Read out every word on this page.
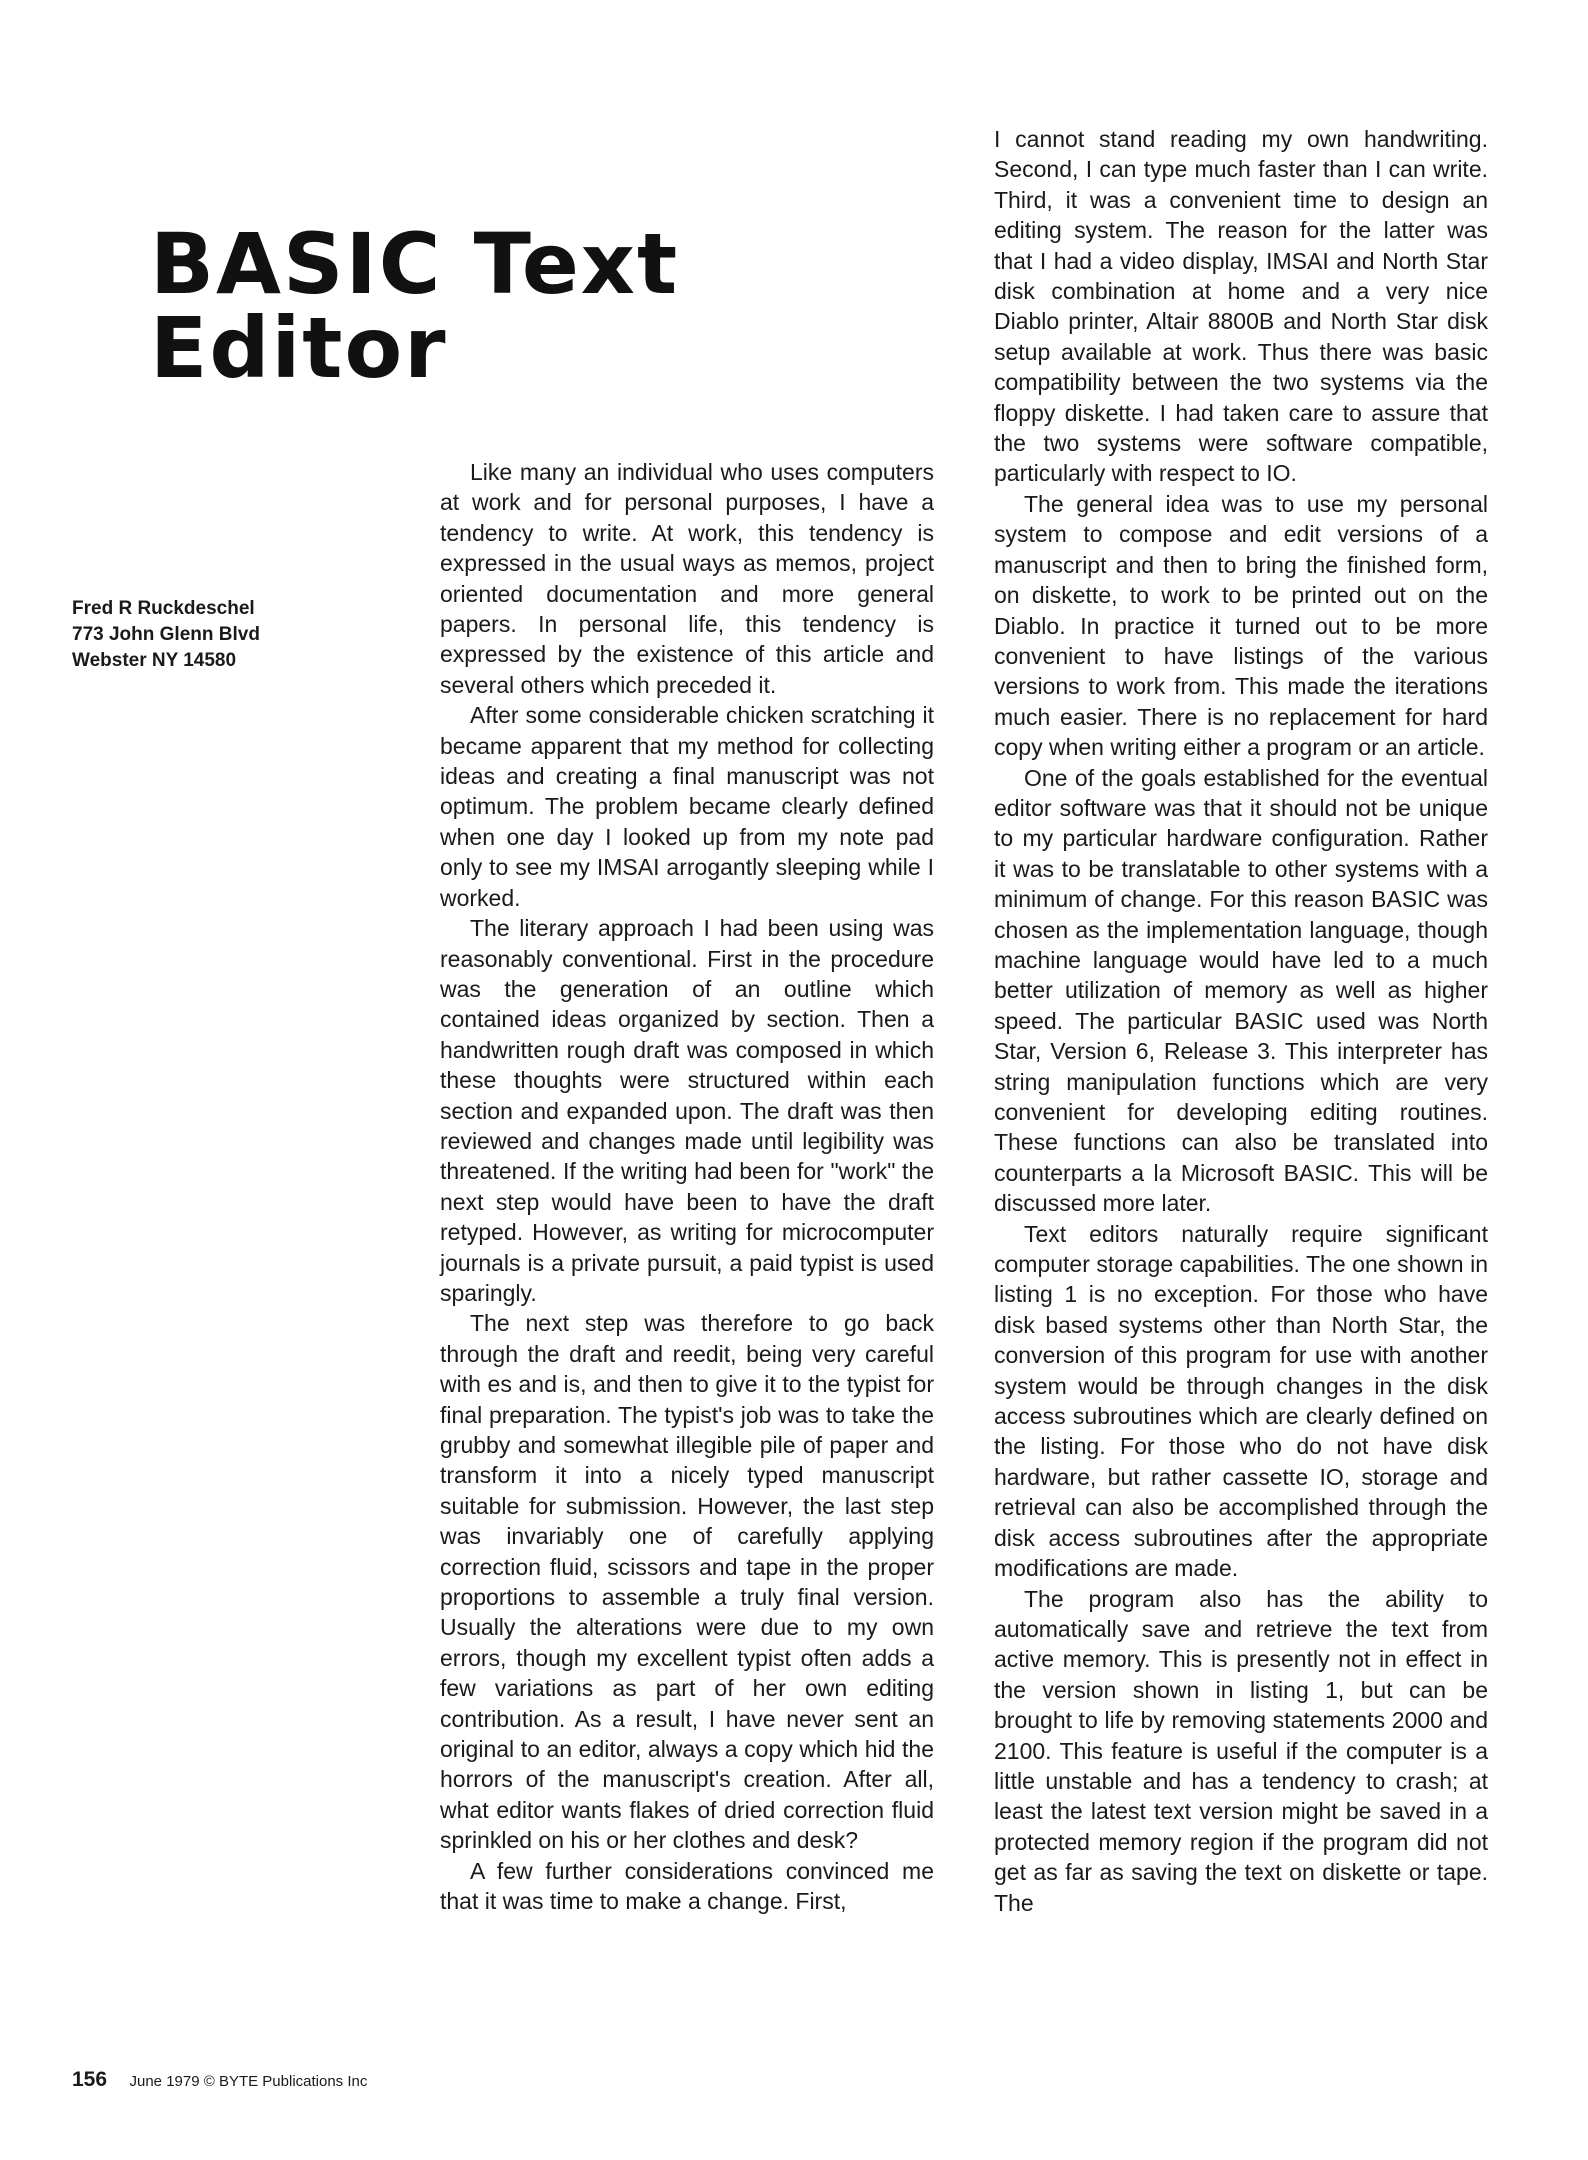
BASIC Text Editor
Fred R Ruckdeschel
773 John Glenn Blvd
Webster NY 14580

Like many an individual who uses computers at work and for personal purposes, I have a tendency to write. At work, this tendency is expressed in the usual ways as memos, project oriented documentation and more general papers. In personal life, this tendency is expressed by the existence of this article and several others which preceded it.

After some considerable chicken scratching it became apparent that my method for collecting ideas and creating a final manuscript was not optimum. The problem became clearly defined when one day I looked up from my note pad only to see my IMSAI arrogantly sleeping while I worked.

The literary approach I had been using was reasonably conventional. First in the procedure was the generation of an outline which contained ideas organized by section. Then a handwritten rough draft was composed in which these thoughts were structured within each section and expanded upon. The draft was then reviewed and changes made until legibility was threatened. If the writing had been for "work" the next step would have been to have the draft retyped. However, as writing for microcomputer journals is a private pursuit, a paid typist is used sparingly.

The next step was therefore to go back through the draft and reedit, being very careful with es and is, and then to give it to the typist for final preparation. The typist's job was to take the grubby and somewhat illegible pile of paper and transform it into a nicely typed manuscript suitable for submission. However, the last step was invariably one of carefully applying correction fluid, scissors and tape in the proper proportions to assemble a truly final version. Usually the alterations were due to my own errors, though my excellent typist often adds a few variations as part of her own editing contribution. As a result, I have never sent an original to an editor, always a copy which hid the horrors of the manuscript's creation. After all, what editor wants flakes of dried correction fluid sprinkled on his or her clothes and desk?

A few further considerations convinced me that it was time to make a change. First,

I cannot stand reading my own handwriting. Second, I can type much faster than I can write. Third, it was a convenient time to design an editing system. The reason for the latter was that I had a video display, IMSAI and North Star disk combination at home and a very nice Diablo printer, Altair 8800B and North Star disk setup available at work. Thus there was basic compatibility between the two systems via the floppy diskette. I had taken care to assure that the two systems were software compatible, particularly with respect to IO.

The general idea was to use my personal system to compose and edit versions of a manuscript and then to bring the finished form, on diskette, to work to be printed out on the Diablo. In practice it turned out to be more convenient to have listings of the various versions to work from. This made the iterations much easier. There is no replacement for hard copy when writing either a program or an article.

One of the goals established for the eventual editor software was that it should not be unique to my particular hardware configuration. Rather it was to be translatable to other systems with a minimum of change. For this reason BASIC was chosen as the implementation language, though machine language would have led to a much better utilization of memory as well as higher speed. The particular BASIC used was North Star, Version 6, Release 3. This interpreter has string manipulation functions which are very convenient for developing editing routines. These functions can also be translated into counterparts a la Microsoft BASIC. This will be discussed more later.

Text editors naturally require significant computer storage capabilities. The one shown in listing 1 is no exception. For those who have disk based systems other than North Star, the conversion of this program for use with another system would be through changes in the disk access subroutines which are clearly defined on the listing. For those who do not have disk hardware, but rather cassette IO, storage and retrieval can also be accomplished through the disk access subroutines after the appropriate modifications are made.

The program also has the ability to automatically save and retrieve the text from active memory. This is presently not in effect in the version shown in listing 1, but can be brought to life by removing statements 2000 and 2100. This feature is useful if the computer is a little unstable and has a tendency to crash; at least the latest text version might be saved in a protected memory region if the program did not get as far as saving the text on diskette or tape. The

156 June 1979 © BYTE Publications Inc
